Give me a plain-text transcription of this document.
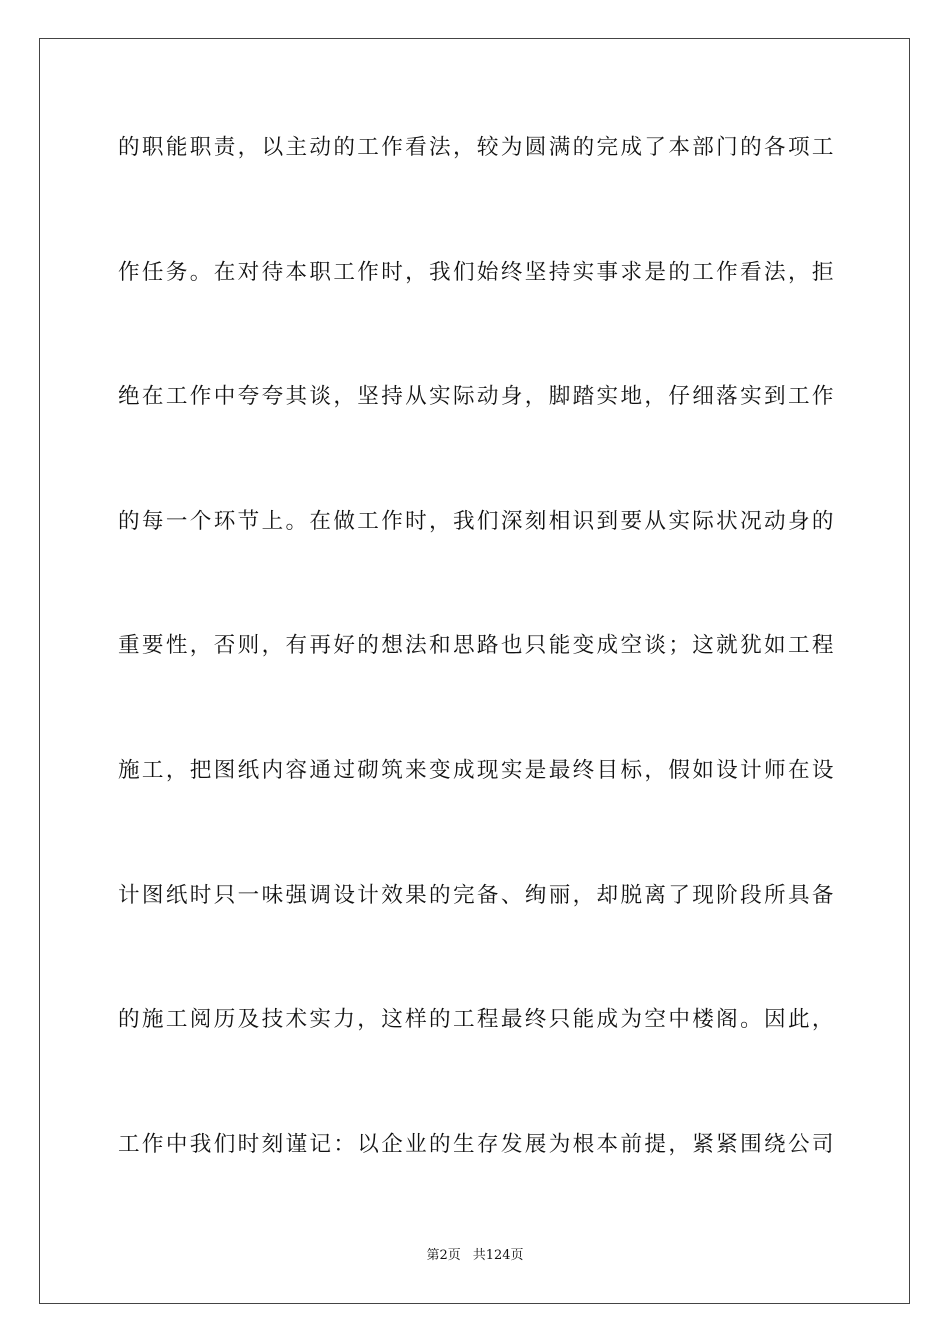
的职能职责，以主动的工作看法，较为圆满的完成了本部门的各项工
作任务。在对待本职工作时，我们始终坚持实事求是的工作看法，拒
绝在工作中夸夸其谈，坚持从实际动身，脚踏实地，仔细落实到工作
的每一个环节上。在做工作时，我们深刻相识到要从实际状况动身的
重要性，否则，有再好的想法和思路也只能变成空谈；这就犹如工程
施工，把图纸内容通过砌筑来变成现实是最终目标，假如设计师在设
计图纸时只一味强调设计效果的完备、绚丽，却脱离了现阶段所具备
的施工阅历及技术实力，这样的工程最终只能成为空中楼阁。因此，
工作中我们时刻谨记：以企业的生存发展为根本前提，紧紧围绕公司
第2页 共124页
